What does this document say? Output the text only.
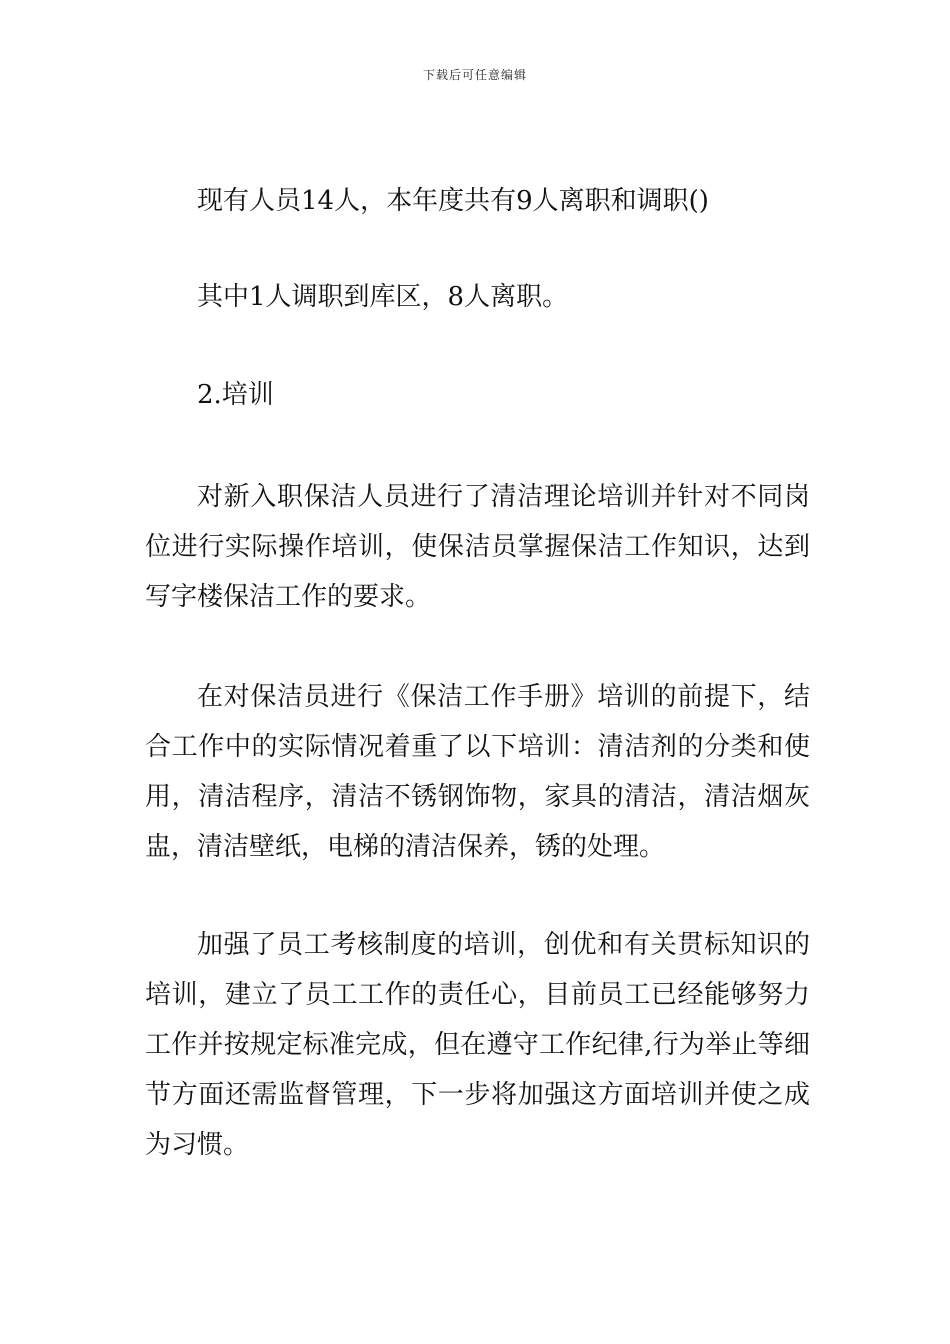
下载后可任意编辑

现有人员14人，本年度共有9人离职和调职()

其中1人调职到库区，8人离职。

2.培训

对新入职保洁人员进行了清洁理论培训并针对不同岗位进行实际操作培训，使保洁员掌握保洁工作知识，达到写字楼保洁工作的要求。

在对保洁员进行《保洁工作手册》培训的前提下，结合工作中的实际情况着重了以下培训：清洁剂的分类和使用，清洁程序，清洁不锈钢饰物，家具的清洁，清洁烟灰盅，清洁壁纸，电梯的清洁保养，锈的处理。

加强了员工考核制度的培训，创优和有关贯标知识的培训，建立了员工工作的责任心，目前员工已经能够努力工作并按规定标准完成，但在遵守工作纪律,行为举止等细节方面还需监督管理，下一步将加强这方面培训并使之成为习惯。
